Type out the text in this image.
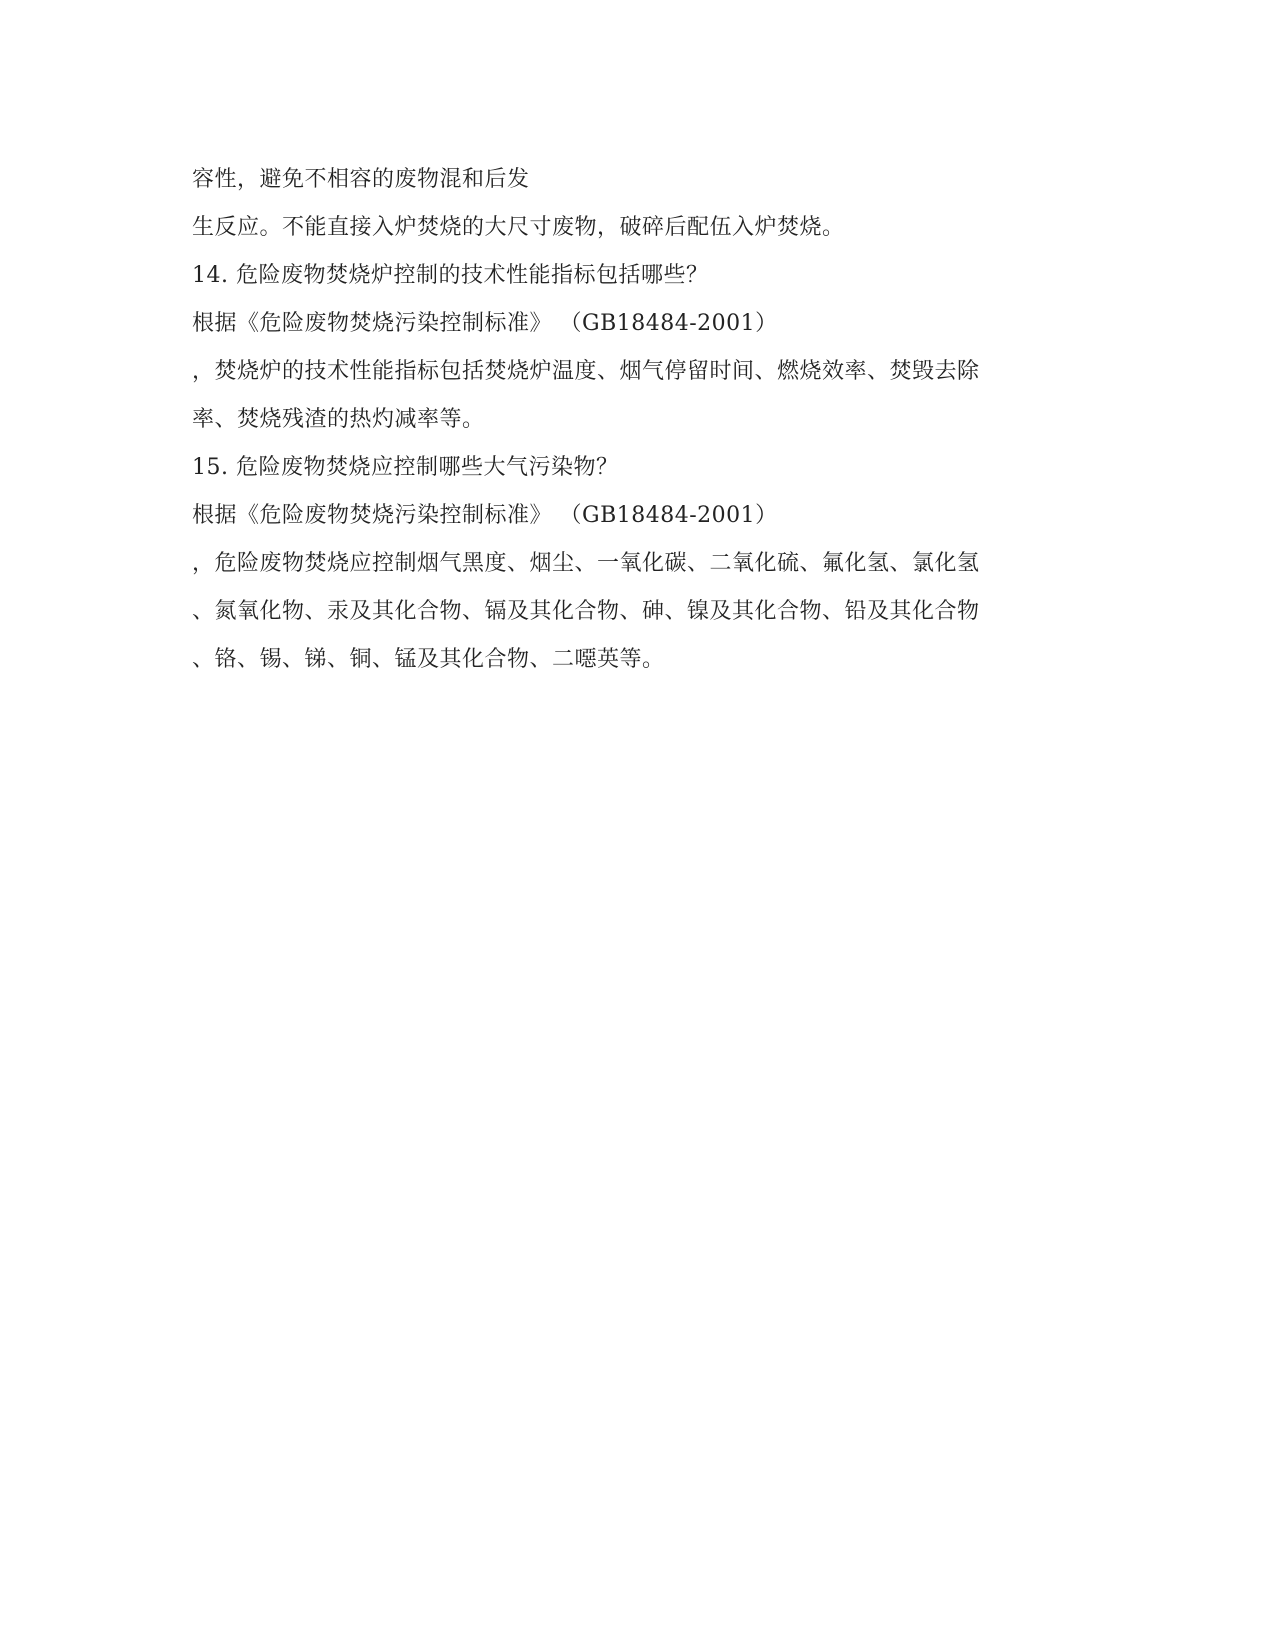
容性，避免不相容的废物混和后发
生反应。不能直接入炉焚烧的大尺寸废物，破碎后配伍入炉焚烧。
14. 危险废物焚烧炉控制的技术性能指标包括哪些？
根据《危险废物焚烧污染控制标准》 （GB18484-2001）
，焚烧炉的技术性能指标包括焚烧炉温度、烟气停留时间、燃烧效率、焚毁去除
率、焚烧残渣的热灼减率等。
15. 危险废物焚烧应控制哪些大气污染物？
根据《危险废物焚烧污染控制标准》 （GB18484-2001）
，危险废物焚烧应控制烟气黑度、烟尘、一氧化碳、二氧化硫、氟化氢、氯化氢
、氮氧化物、汞及其化合物、镉及其化合物、砷、镍及其化合物、铅及其化合物
、铬、锡、锑、铜、锰及其化合物、二噁英等。
